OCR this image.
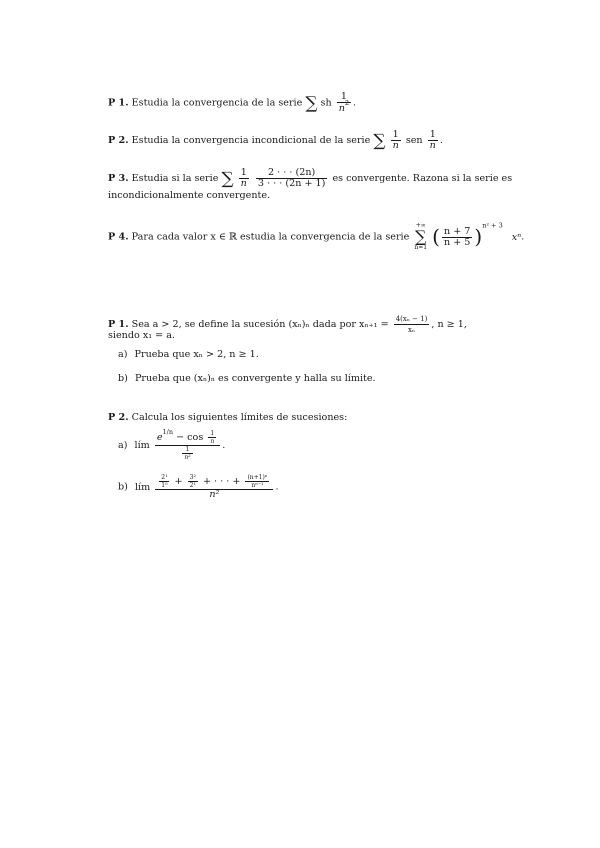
P 1. Estudia la convergencia de la serie ∑ sh $\frac{1}{n^2}$ .
P 2. Estudia la convergencia incondicional de la serie ∑ $\frac{1}{n}$ sen $\frac{1}{n}$ .
P 3. Estudia si la serie ∑ $\frac{1}{n}$
$\frac{2 \cdot \cdot \cdot (2n)}{3 \cdot \cdot \cdot (2n + 1)}$ es convergente. Razona si la serie es
incondicionalmente convergente.
P 4. Para cada valor x ∈ ℝ estudia la convergencia de la serie
+∞
∑
n=1 ( $\frac{n + 7}{n + 5} )^{n^2 + 3}$ xⁿ.
P 1. Sea a > 2, se define la sucesión (xₙ)ₙ dada por $x_{n+1} = \frac{\text{4(xₙ − 1)}}{\text{xₙ}}$ , n ≥ 1,
siendo x₁ = a.
a) Prueba que xₙ > 2, n ≥ 1.
b) Prueba que (xₙ)ₙ es convergente y halla su límite.
P 2. Calcula los siguientes límites de sucesiones:
a) lím $\frac{e^{1/n} - \cos \frac{1}{n}}{\frac{1}{\text{n²}}}$ .
b) lím $\frac{\text{2¹}}{\text{1⁰}} + \frac{\text{3²}}{\text{2¹}}$ + · · · + $\frac{\text{(n+1)ⁿ}}{\text{nⁿ⁻¹}}$
n²
.
